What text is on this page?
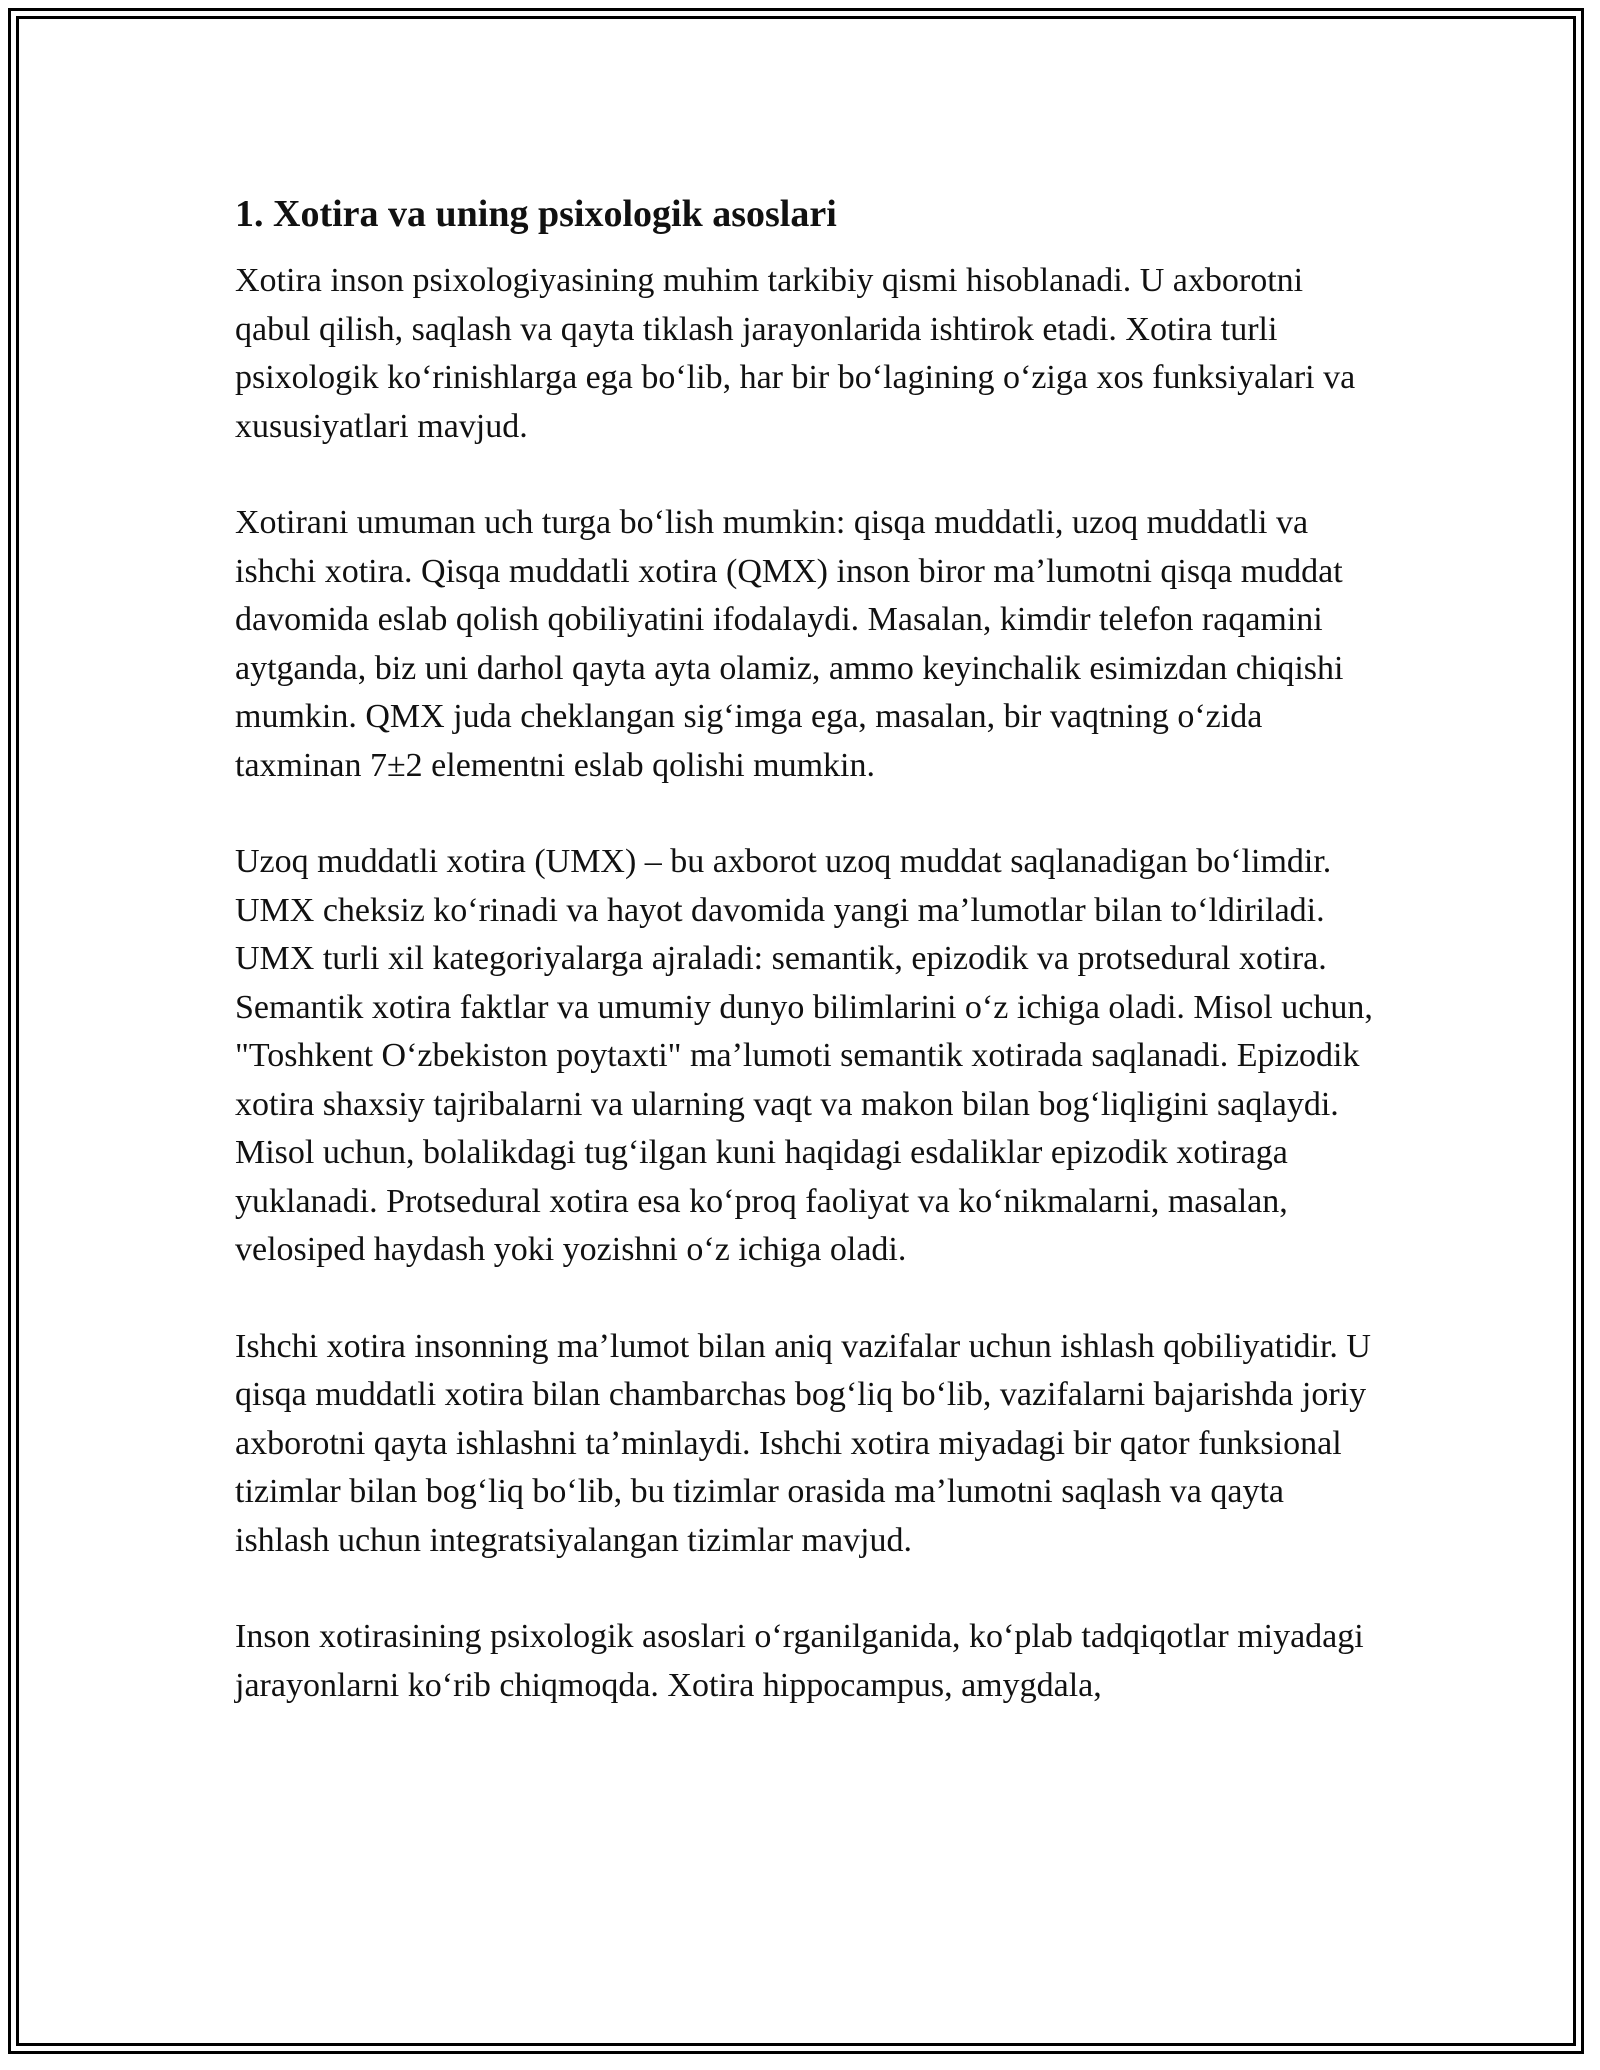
1. Xotira va uning psixologik asoslari

Xotira inson psixologiyasining muhim tarkibiy qismi hisoblanadi. U axborotni qabul qilish, saqlash va qayta tiklash jarayonlarida ishtirok etadi. Xotira turli psixologik koʻrinishlarga ega boʻlib, har bir boʻlagining oʻziga xos funksiyalari va xususiyatlari mavjud.

Xotirani umuman uch turga boʻlish mumkin: qisqa muddatli, uzoq muddatli va ishchi xotira. Qisqa muddatli xotira (QMX) inson biror maʼlumotni qisqa muddat davomida eslab qolish qobiliyatini ifodalaydi. Masalan, kimdir telefon raqamini aytganda, biz uni darhol qayta ayta olamiz, ammo keyinchalik esimizdan chiqishi mumkin. QMX juda cheklangan sigʻimga ega, masalan, bir vaqtning oʻzida taxminan 7±2 elementni eslab qolishi mumkin.

Uzoq muddatli xotira (UMX) – bu axborot uzoq muddat saqlanadigan boʻlimdir. UMX cheksiz koʻrinadi va hayot davomida yangi maʼlumotlar bilan toʻldiriladi. UMX turli xil kategoriyalarga ajraladi: semantik, epizodik va protsedural xotira. Semantik xotira faktlar va umumiy dunyo bilimlarini oʻz ichiga oladi. Misol uchun, "Toshkent Oʻzbekiston poytaxti" maʼlumoti semantik xotirada saqlanadi. Epizodik xotira shaxsiy tajribalarni va ularning vaqt va makon bilan bogʻliqligini saqlaydi. Misol uchun, bolalikdagi tugʻilgan kuni haqidagi esdaliklar epizodik xotiraga yuklanadi. Protsedural xotira esa koʻproq faoliyat va koʻnikmalarni, masalan, velosiped haydash yoki yozishni oʻz ichiga oladi.

Ishchi xotira insonning maʼlumot bilan aniq vazifalar uchun ishlash qobiliyatidir. U qisqa muddatli xotira bilan chambarchas bogʻliq boʻlib, vazifalarni bajarishda joriy axborotni qayta ishlashni taʼminlaydi. Ishchi xotira miyadagi bir qator funksional tizimlar bilan bogʻliq boʻlib, bu tizimlar orasida maʼlumotni saqlash va qayta ishlash uchun integratsiyalangan tizimlar mavjud.

Inson xotirasining psixologik asoslari oʻrganilganida, koʻplab tadqiqotlar miyadagi jarayonlarni koʻrib chiqmoqda. Xotira hippocampus, amygdala,
